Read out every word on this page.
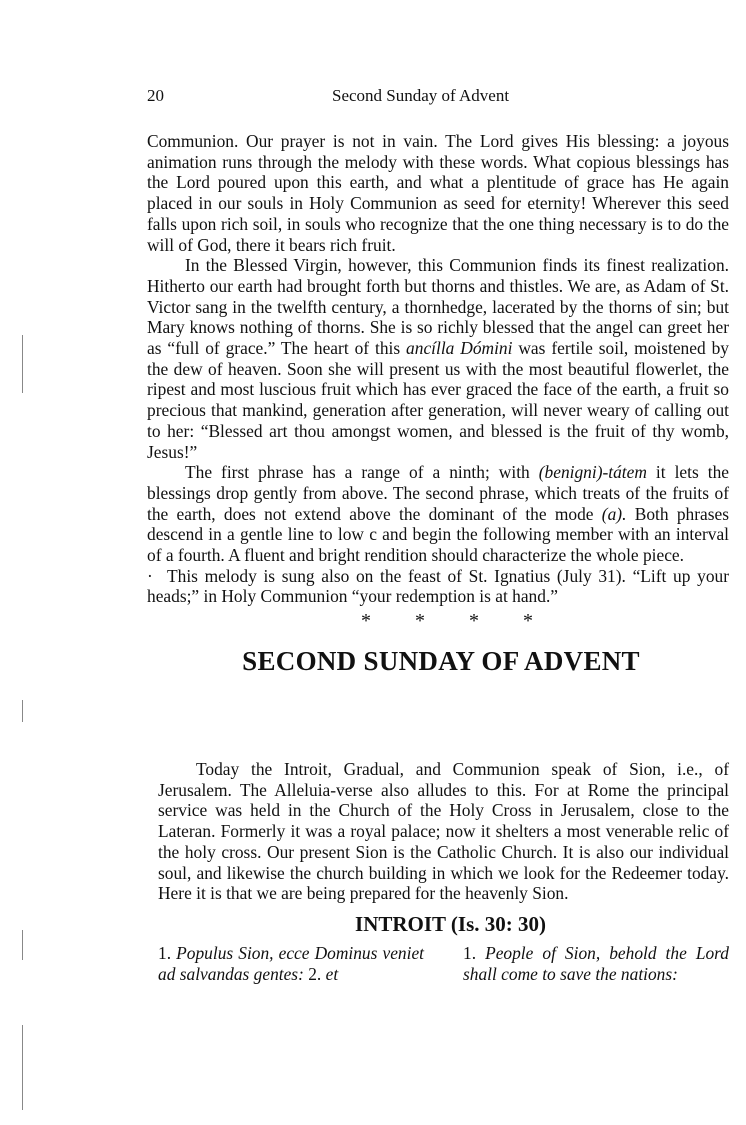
20	Second Sunday of Advent

Communion. Our prayer is not in vain. The Lord gives His blessing: a joyous animation runs through the melody with these words. What copious blessings has the Lord poured upon this earth, and what a plentitude of grace has He again placed in our souls in Holy Communion as seed for eternity! Wherever this seed falls upon rich soil, in souls who recognize that the one thing necessary is to do the will of God, there it bears rich fruit.

In the Blessed Virgin, however, this Communion finds its finest realization. Hitherto our earth had brought forth but thorns and thistles. We are, as Adam of St. Victor sang in the twelfth century, a thornhedge, lacerated by the thorns of sin; but Mary knows nothing of thorns. She is so richly blessed that the angel can greet her as “full of grace.” The heart of this ancílla Dómini was fertile soil, moistened by the dew of heaven. Soon she will present us with the most beautiful flowerlet, the ripest and most luscious fruit which has ever graced the face of the earth, a fruit so precious that mankind, generation after generation, will never weary of calling out to her: “Blessed art thou amongst women, and blessed is the fruit of thy womb, Jesus!”

The first phrase has a range of a ninth; with (benigni)-tátem it lets the blessings drop gently from above. The second phrase, which treats of the fruits of the earth, does not extend above the dominant of the mode (a). Both phrases descend in a gentle line to low c and begin the following member with an interval of a fourth. A fluent and bright rendition should characterize the whole piece.

· This melody is sung also on the feast of St. Ignatius (July 31). “Lift up your heads;” in Holy Communion “your redemption is at hand.”

* * * *
SECOND SUNDAY OF ADVENT

Today the Introit, Gradual, and Communion speak of Sion, i.e., of Jerusalem. The Alleluia-verse also alludes to this. For at Rome the principal service was held in the Church of the Holy Cross in Jerusalem, close to the Lateran. Formerly it was a royal palace; now it shelters a most venerable relic of the holy cross. Our present Sion is the Catholic Church. It is also our individual soul, and likewise the church building in which we look for the Redeemer today. Here it is that we are being prepared for the heavenly Sion.

INTROIT (Is. 30: 30)
1. Populus Sion, ecce Dominus veniet ad salvandas gentes: 2. et
1. People of Sion, behold the Lord shall come to save the nations:
